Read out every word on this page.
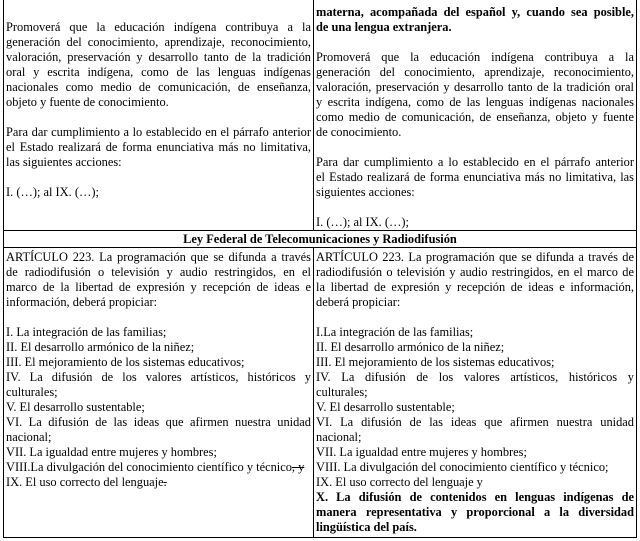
Promoverá que la educación indígena contribuya a la
generación del conocimiento, aprendizaje, reconocimiento,
valoración, preservación y desarrollo tanto de la tradición
oral y escrita indígena, como de las lenguas indígenas
nacionales como medio de comunicación, de enseñanza,
objeto y fuente de conocimiento.
Para dar cumplimiento a lo establecido en el párrafo anterior
el Estado realizará de forma enunciativa más no limitativa,
las siguientes acciones:
I. (…); al IX. (…);
materna, acompañada del español y, cuando sea posible,
de una lengua extranjera.
Promoverá que la educación indígena contribuya a la
generación del conocimiento, aprendizaje, reconocimiento,
valoración, preservación y desarrollo tanto de la tradición oral
y escrita indígena, como de las lenguas indígenas nacionales
como medio de comunicación, de enseñanza, objeto y fuente
de conocimiento.
Para dar cumplimiento a lo establecido en el párrafo anterior
el Estado realizará de forma enunciativa más no limitativa, las
siguientes acciones:
I. (…); al IX. (…);
Ley Federal de Telecomunicaciones y Radiodifusión
ARTÍCULO 223. La programación que se difunda a través
de radiodifusión o televisión y audio restringidos, en el
marco de la libertad de expresión y recepción de ideas e
información, deberá propiciar:
I. La integración de las familias;
II. El desarrollo armónico de la niñez;
III. El mejoramiento de los sistemas educativos;
IV. La difusión de los valores artísticos, históricos y
culturales;
V. El desarrollo sustentable;
VI. La difusión de las ideas que afirmen nuestra unidad
nacional;
VII. La igualdad entre mujeres y hombres;
VIII.La divulgación del conocimiento científico y técnico, y
IX. El uso correcto del lenguaje.
ARTÍCULO 223. La programación que se difunda a través de
radiodifusión o televisión y audio restringidos, en el marco de
la libertad de expresión y recepción de ideas e información,
deberá propiciar:
I.La integración de las familias;
II. El desarrollo armónico de la niñez;
III. El mejoramiento de los sistemas educativos;
IV. La difusión de los valores artísticos, históricos y
culturales;
V. El desarrollo sustentable;
VI. La difusión de las ideas que afirmen nuestra unidad
nacional;
VII. La igualdad entre mujeres y hombres;
VIII. La divulgación del conocimiento científico y técnico;
IX. El uso correcto del lenguaje y
X. La difusión de contenidos en lenguas indígenas de
manera representativa y proporcional a la diversidad
lingüística del país.
